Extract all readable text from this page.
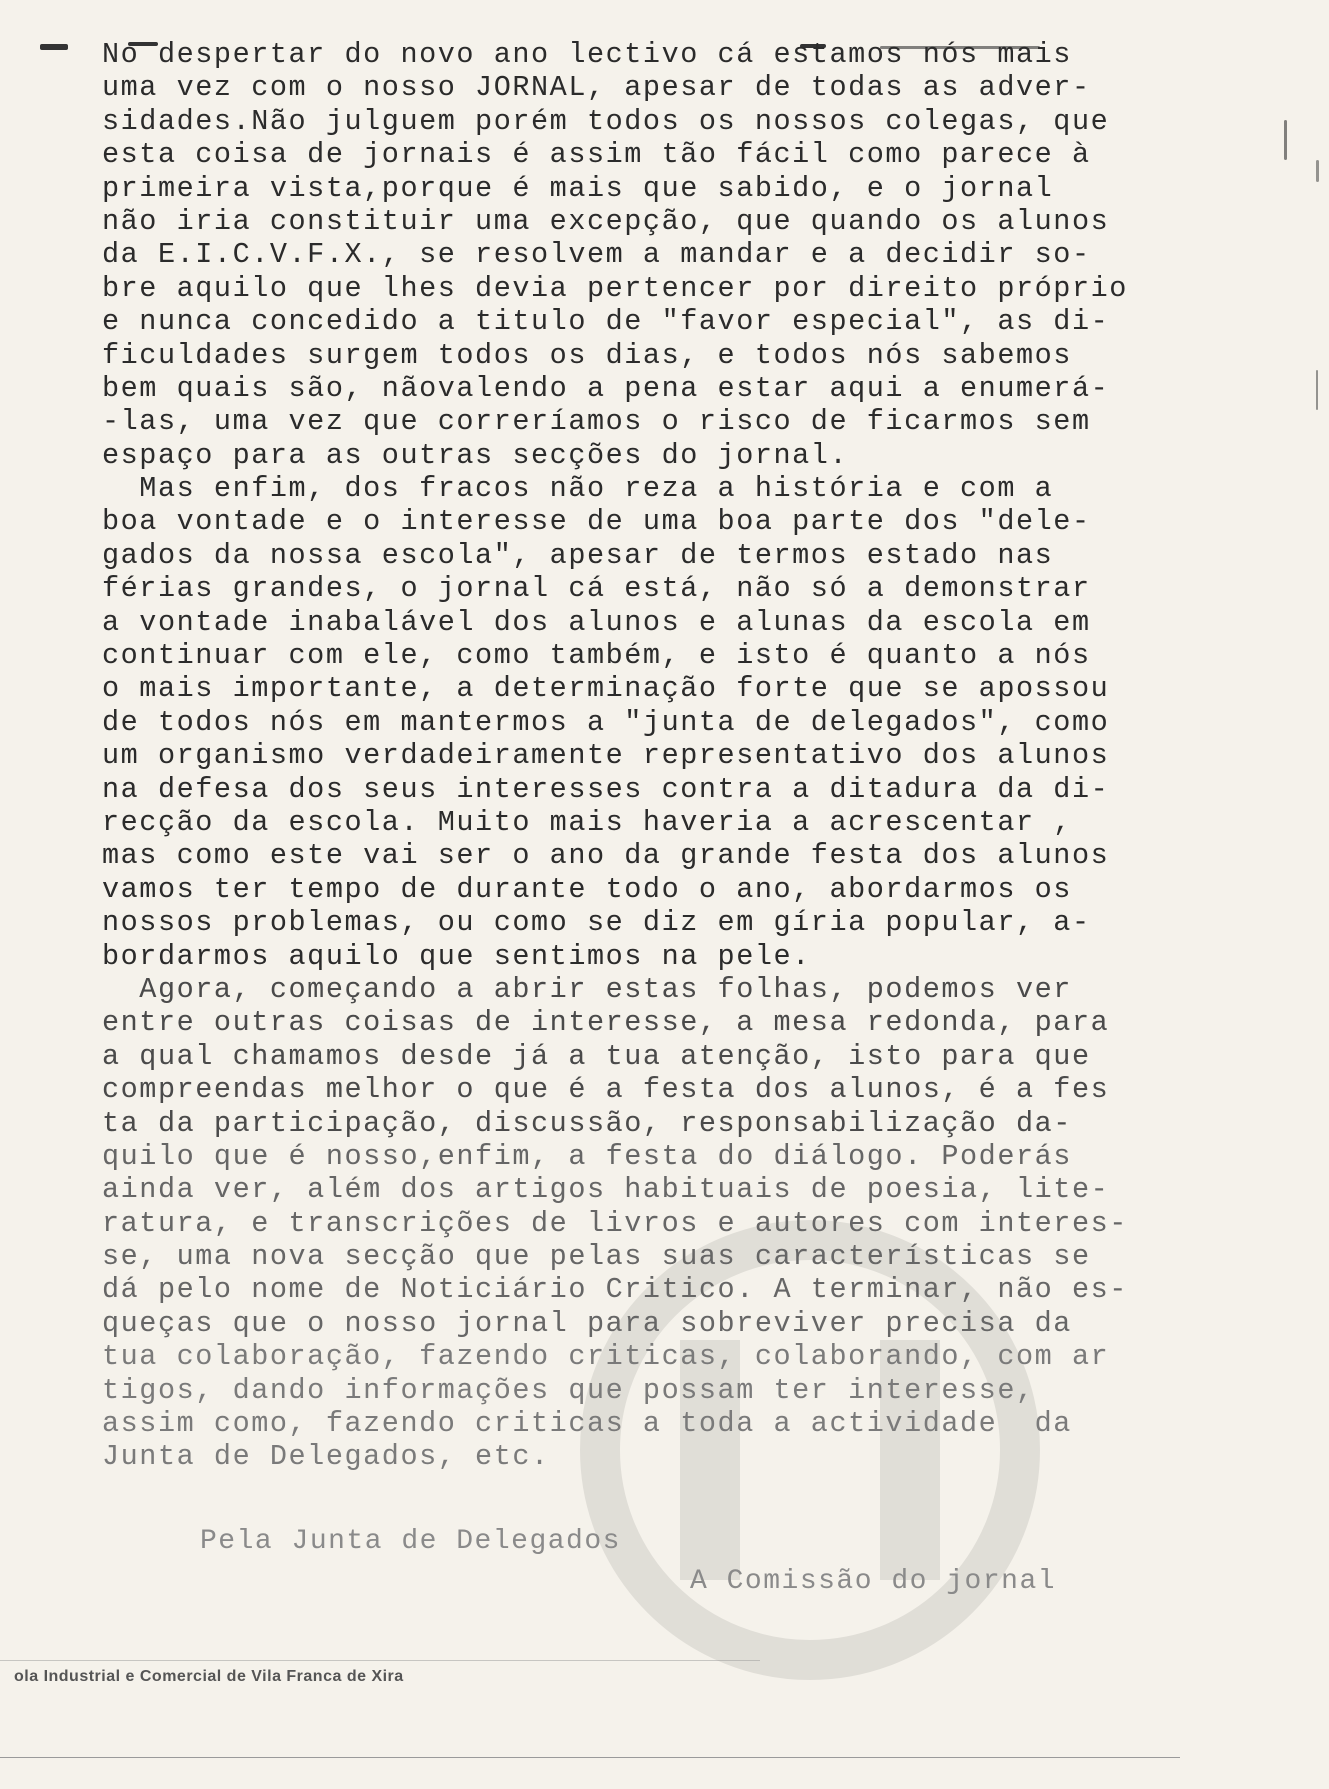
No despertar do novo ano lectivo cá estamos nós mais
uma vez com o nosso JORNAL, apesar de todas as adver-
sidades.Não julguem porém todos os nossos colegas, que
esta coisa de jornais é assim tão fácil como parece à
primeira vista,porque é mais que sabido, e o jornal
não iria constituir uma excepção, que quando os alunos
da E.I.C.V.F.X., se resolvem a mandar e a decidir so-
bre aquilo que lhes devia pertencer por direito próprio
e nunca concedido a titulo de "favor especial", as di-
ficuldades surgem todos os dias, e todos nós sabemos
bem quais são, nãovalendo a pena estar aqui a enumerá-
-las, uma vez que correríamos o risco de ficarmos sem
espaço para as outras secções do jornal.
Mas enfim, dos fracos não reza a história e com a
boa vontade e o interesse de uma boa parte dos "dele-
gados da nossa escola", apesar de termos estado nas
férias grandes, o jornal cá está, não só a demonstrar
a vontade inabalável dos alunos e alunas da escola em
continuar com ele, como também, e isto é quanto a nós
o mais importante, a determinação forte que se apossou
de todos nós em mantermos a "junta de delegados", como
um organismo verdadeiramente representativo dos alunos
na defesa dos seus interesses contra a ditadura da di-
recção da escola. Muito mais haveria a acrescentar ,
mas como este vai ser o ano da grande festa dos alunos
vamos ter tempo de durante todo o ano, abordarmos os
nossos problemas, ou como se diz em gíria popular, a-
bordarmos aquilo que sentimos na pele.
Agora, começando a abrir estas folhas, podemos ver
entre outras coisas de interesse, a mesa redonda, para
a qual chamamos desde já a tua atenção, isto para que
compreendas melhor o que é a festa dos alunos, é a fes
ta da participação, discussão, responsabilização da-
quilo que é nosso,enfim, a festa do diálogo. Poderás
ainda ver, além dos artigos habituais de poesia, lite-
ratura, e transcrições de livros e autores com interes-
se, uma nova secção que pelas suas características se
dá pelo nome de Noticiário Critico. A terminar, não es-
queças que o nosso jornal para sobreviver precisa da
tua colaboração, fazendo criticas, colaborando, com ar
tigos, dando informações que possam ter interesse,
assim como, fazendo criticas a toda a actividade  da
Junta de Delegados, etc.
Pela Junta de Delegados
A Comissão do jornal
ola Industrial e Comercial de Vila Franca de Xira
